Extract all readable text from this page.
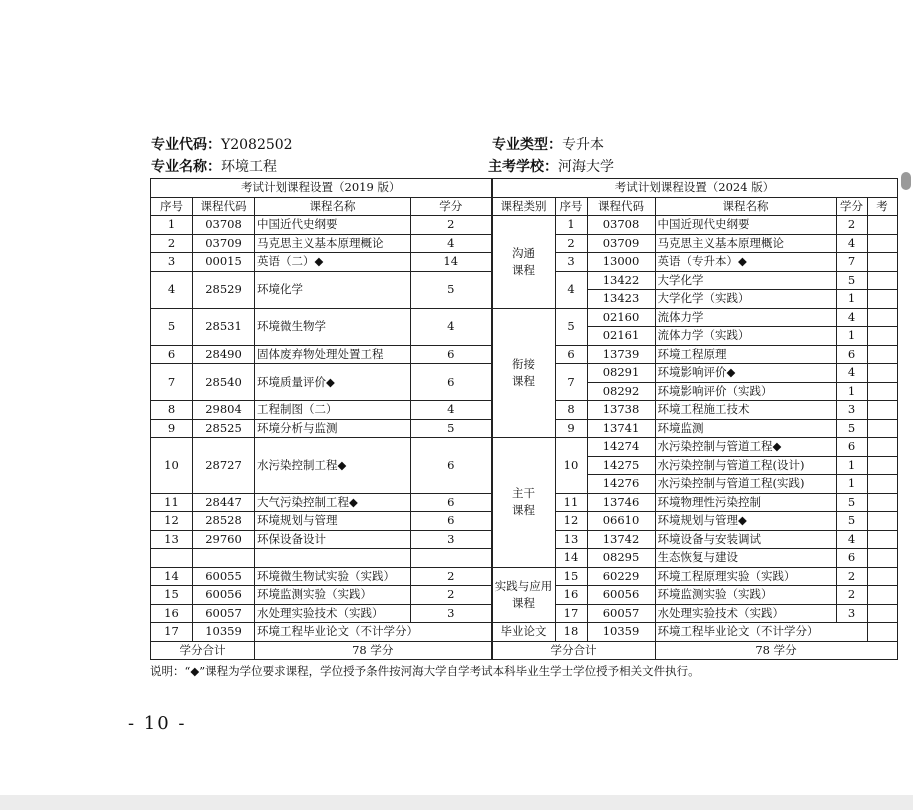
专业代码：Y2082502
专业名称：环境工程
专业类型：专升本
主考学校：河海大学
考试计划课程设置（2019 版）				考试计划课程设置（2024 版）					
序号	课程代码	课程名称	学分	课程类别	序号	课程代码	课程名称	学分	考
1	03708	中国近代史纲要	2	沟通课程	1	03708	中国近现代史纲要	2	
2	03709	马克思主义基本原理概论	4		2	03709	马克思主义基本原理概论	4	
3	00015	英语（二）◆	14		3	13000	英语（专升本）◆	7	
4	28529	环境化学	5		4	13422	大学化学	5	
						13423	大学化学（实践）	1	
5	28531	环境微生物学	4	衔接课程	5	02160	流体力学	4	
						02161	流体力学（实践）	1	
6	28490	固体废弃物处理处置工程	6		6	13739	环境工程原理	6	
7	28540	环境质量评价◆	6		7	08291	环境影响评价◆	4	
						08292	环境影响评价（实践）	1	
8	29804	工程制图（二）	4		8	13738	环境工程施工技术	3	
9	28525	环境分析与监测	5		9	13741	环境监测	5	
10	28727	水污染控制工程◆	6	主干课程	10	14274	水污染控制与管道工程◆	6	
						14275	水污染控制与管道工程(设计)	1	
						14276	水污染控制与管道工程(实践)	1	
11	28447	大气污染控制工程◆	6		11	13746	环境物理性污染控制	5	
12	28528	环境规划与管理	6		12	06610	环境规划与管理◆	5	
13	29760	环保设备设计	3		13	13742	环境设备与安装调试	4	
					14	08295	生态恢复与建设	6	
14	60055	环境微生物试实验（实践）	2	实践与应用课程	15	60229	环境工程原理实验（实践）	2	
15	60056	环境监测实验（实践）	2		16	60056	环境监测实验（实践）	2	
16	60057	水处理实验技术（实践）	3		17	60057	水处理实验技术（实践）	3	
17	10359	环境工程毕业论文（不计学分）		毕业论文	18	10359	环境工程毕业论文（不计学分）		
学分合计		78 学分		学分合计			78 学分		
说明：“◆”课程为学位要求课程，学位授予条件按河海大学自学考试本科毕业生学士学位授予相关文件执行。
- 10 -
